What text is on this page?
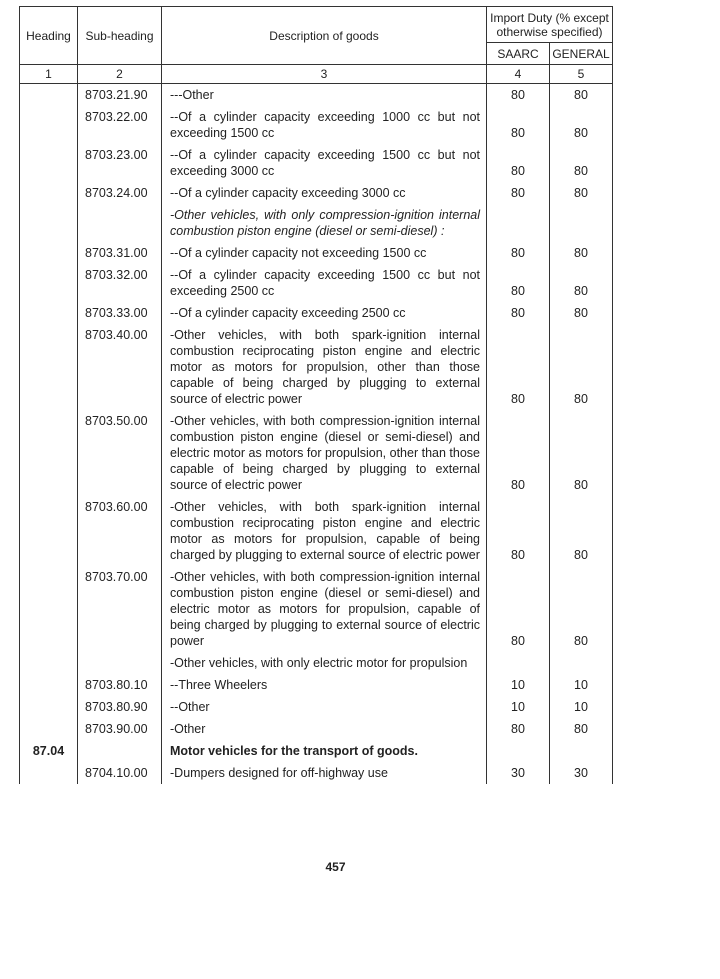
Heading	Sub-heading	Description of goods	Import Duty (% except otherwise specified)	
			SAARC	GENERAL
1	2	3	4	5
	8703.21.90	---Other	80	80
	8703.22.00	--Of a cylinder capacity exceeding 1000 cc but not exceeding 1500 cc	80	80
	8703.23.00	--Of a cylinder capacity exceeding 1500 cc but not exceeding 3000 cc	80	80
	8703.24.00	--Of a cylinder capacity exceeding 3000 cc	80	80
		-Other vehicles, with only compression-ignition internal combustion piston engine (diesel or semi-diesel) :		
	8703.31.00	--Of a cylinder capacity not exceeding 1500 cc	80	80
	8703.32.00	--Of a cylinder capacity exceeding 1500 cc but not exceeding 2500 cc	80	80
	8703.33.00	--Of a cylinder capacity exceeding 2500 cc	80	80
	8703.40.00	-Other vehicles, with both spark-ignition internal combustion reciprocating piston engine and electric motor as motors for propulsion, other than those capable of being charged by plugging to external source of electric power	80	80
	8703.50.00	-Other vehicles, with both compression-ignition internal combustion piston engine (diesel or semi-diesel) and electric motor as motors for propulsion, other than those capable of being charged by plugging to external source of electric power	80	80
	8703.60.00	-Other vehicles, with both spark-ignition internal combustion reciprocating piston engine and electric motor as motors for propulsion, capable of being charged by plugging to external source of electric power	80	80
	8703.70.00	-Other vehicles, with both compression-ignition internal combustion piston engine (diesel or semi-diesel) and electric motor as motors for propulsion, capable of being charged by plugging to external source of electric power	80	80
		-Other vehicles, with only electric motor for propulsion		
	8703.80.10	--Three Wheelers	10	10
	8703.80.90	--Other	10	10
	8703.90.00	-Other	80	80
87.04		Motor vehicles for the transport of goods.		
	8704.10.00	-Dumpers designed for off-highway use	30	30
457
